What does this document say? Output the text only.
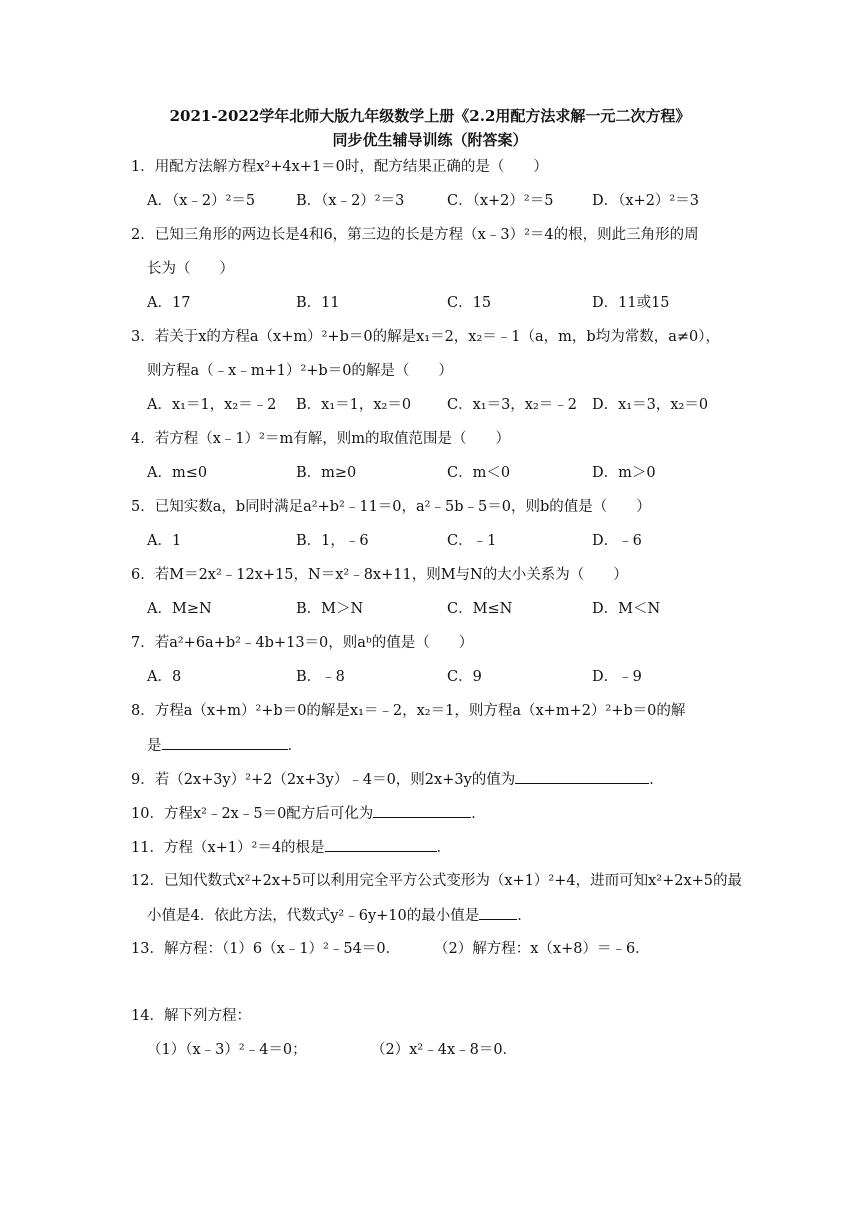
2021-2022学年北师大版九年级数学上册《2.2用配方法求解一元二次方程》
同步优生辅导训练（附答案）
1．用配方法解方程x²+4x+1＝0时，配方结果正确的是（　　）
A．（x﹣2）²＝5	B．（x﹣2）²＝3	C．（x+2）²＝5	D．（x+2）²＝3
2．已知三角形的两边长是4和6，第三边的长是方程（x﹣3）²＝4的根，则此三角形的周
长为（　　）
A．17	B．11	C．15	D．11或15
3．若关于x的方程a（x+m）²+b＝0的解是x₁＝2，x₂＝﹣1（a，m，b均为常数，a≠0），
则方程a（﹣x﹣m+1）²+b＝0的解是（　　）
A．x₁＝1，x₂＝﹣2 B．x₁＝1，x₂＝0 C．x₁＝3，x₂＝﹣2 D．x₁＝3，x₂＝0
4．若方程（x﹣1）²＝m有解，则m的取值范围是（　　）
A．m≤0	B．m≥0	C．m＜0	D．m＞0
5．已知实数a，b同时满足a²+b²﹣11＝0，a²﹣5b﹣5＝0，则b的值是（　　）
A．1	B．1，﹣6	C．﹣1	D．﹣6
6．若M＝2x²﹣12x+15，N＝x²﹣8x+11，则M与N的大小关系为（　　）
A．M≥N	B．M＞N	C．M≤N	D．M＜N
7．若a²+6a+b²﹣4b+13＝0，则aᵇ的值是（　　）
A．8	B．﹣8	C．9	D．﹣9
8．方程a（x+m）²+b＝0的解是x₁＝﹣2，x₂＝1，则方程a（x+m+2）²+b＝0的解
是	．
9．若（2x+3y）²+2（2x+3y）﹣4＝0，则2x+3y的值为	．
10．方程x²﹣2x﹣5＝0配方后可化为	．
11．方程（x+1）²＝4的根是	．
12．已知代数式x²+2x+5可以利用完全平方公式变形为（x+1）²+4，进而可知x²+2x+5的最
小值是4．依此方法，代数式y²﹣6y+10的最小值是	．
13．解方程：（1）6（x﹣1）²﹣54＝0． （2）解方程：x（x+8）＝﹣6．
14．解下列方程：
（1）（x﹣3）²﹣4＝0；	（2）x²﹣4x﹣8＝0．
